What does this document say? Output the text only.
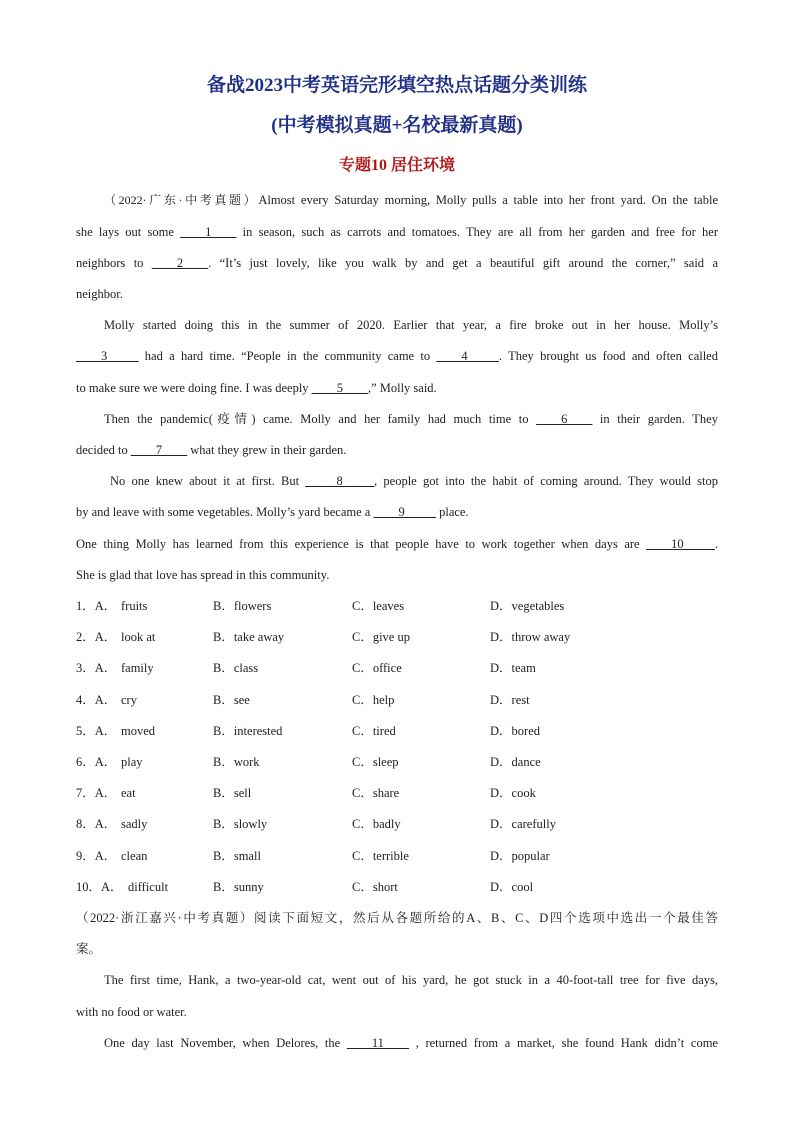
备战2023中考英语完形填空热点话题分类训练
(中考模拟真题+名校最新真题)
专题10 居住环境
（2022·广东·中考真题）Almost every Saturday morning, Molly pulls a table into her front yard. On the table
she lays out some ____1____ in season, such as carrots and tomatoes. They are all from her garden and free for her
neighbors to ____2____. “It’s just lovely, like you walk by and get a beautiful gift around the corner,” said a
neighbor.
Molly started doing this in the summer of 2020. Earlier that year, a fire broke out in her house. Molly’s
____3_____ had a hard time. “People in the community came to ____4_____. They brought us food and often called
to make sure we were doing fine. I was deeply ____5____,” Molly said.
Then the pandemic(疫情) came. Molly and her family had much time to ____6____ in their garden. They
decided to ____7____ what they grew in their garden.
No one knew about it at first. But _____8_____, people got into the habit of coming around. They would stop
by and leave with some vegetables. Molly’s yard became a ____9_____ place.
One thing Molly has learned from this experience is that people have to work together when days are ____10_____.
She is glad that love has spread in this community.
1．A． fruits	B．flowers	C．leaves	D．vegetables
2．A． look at	B．take away	C．give up	D．throw away
3．A． family	B．class	C．office	D．team
4．A． cry	B．see	C．help	D．rest
5．A． moved	B．interested	C．tired	D．bored
6．A． play	B．work	C．sleep	D．dance
7．A． eat	B．sell	C．share	D．cook
8．A． sadly	B．slowly	C．badly	D．carefully
9．A． clean	B．small	C．terrible	D．popular
10．A． difficult	B．sunny	C．short	D．cool
（2022·浙江嘉兴·中考真题）阅读下面短文，然后从各题所给的A、B、C、D四个选项中选出一个最佳答
案。
The first time, Hank, a two-year-old cat, went out of his yard, he got stuck in a 40-foot-tall tree for five days,
with no food or water.
One day last November, when Delores, the ____11____ , returned from a market, she found Hank didn’t come
